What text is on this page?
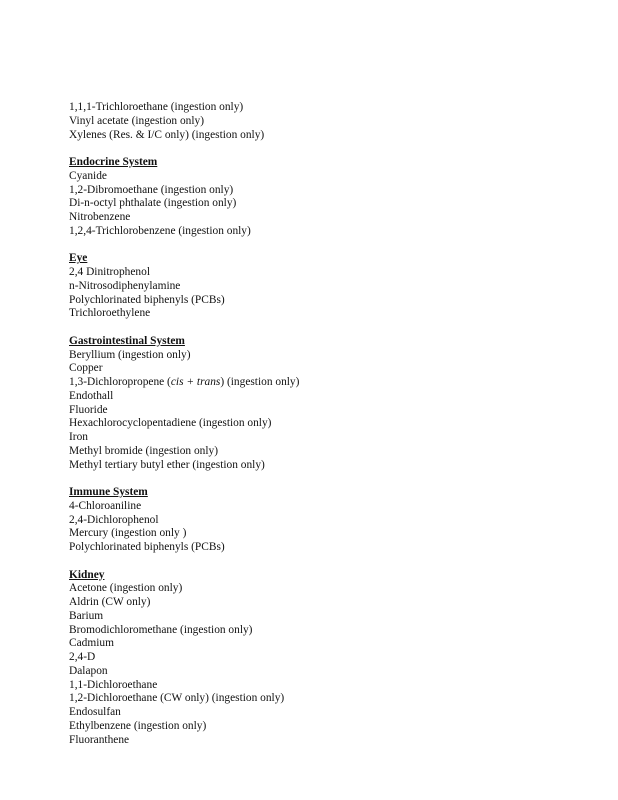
1,1,1-Trichloroethane (ingestion only)
Vinyl acetate (ingestion only)
Xylenes (Res. & I/C only) (ingestion only)
Endocrine System
Cyanide
1,2-Dibromoethane (ingestion only)
Di-n-octyl phthalate (ingestion only)
Nitrobenzene
1,2,4-Trichlorobenzene (ingestion only)
Eye
2,4 Dinitrophenol
n-Nitrosodiphenylamine
Polychlorinated biphenyls (PCBs)
Trichloroethylene
Gastrointestinal System
Beryllium (ingestion only)
Copper
1,3-Dichloropropene (cis + trans) (ingestion only)
Endothall
Fluoride
Hexachlorocyclopentadiene (ingestion only)
Iron
Methyl bromide (ingestion only)
Methyl tertiary butyl ether (ingestion only)
Immune System
4-Chloroaniline
2,4-Dichlorophenol
Mercury (ingestion only )
Polychlorinated biphenyls (PCBs)
Kidney
Acetone (ingestion only)
Aldrin (CW only)
Barium
Bromodichloromethane (ingestion only)
Cadmium
2,4-D
Dalapon
1,1-Dichloroethane
1,2-Dichloroethane (CW only) (ingestion only)
Endosulfan
Ethylbenzene (ingestion only)
Fluoranthene
